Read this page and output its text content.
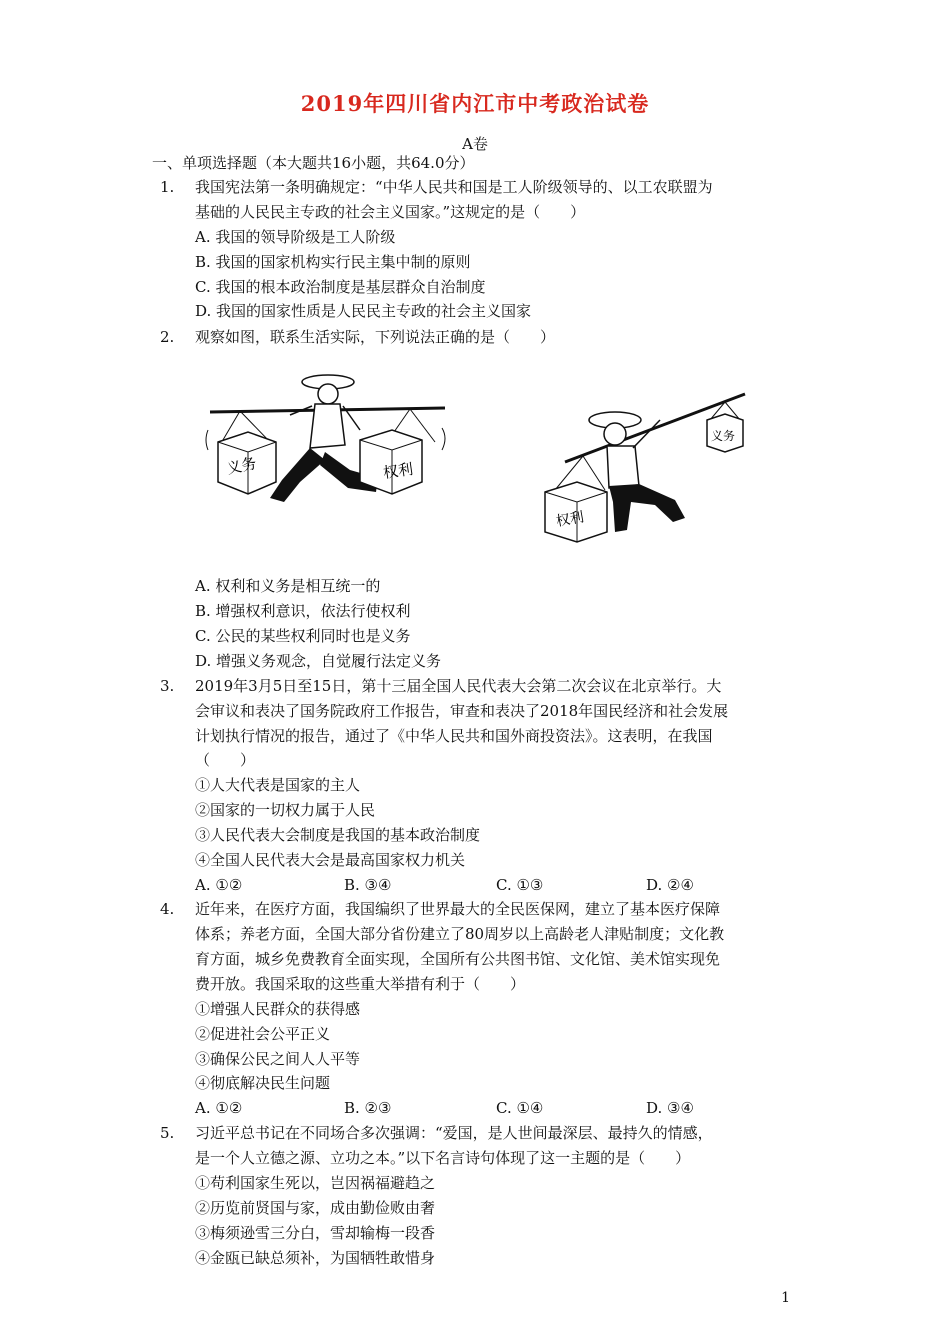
2019年四川省内江市中考政治试卷
A卷
一、单项选择题（本大题共16小题，共64.0分）
1. 我国宪法第一条明确规定：“中华人民共和国是工人阶级领导的、以工农联盟为
基础的人民民主专政的社会主义国家。”这规定的是（　　）
A. 我国的领导阶级是工人阶级
B. 我国的国家机构实行民主集中制的原则
C. 我国的根本政治制度是基层群众自治制度
D. 我国的国家性质是人民民主专政的社会主义国家
2. 观察如图，联系生活实际，下列说法正确的是（　　）
义务	权利
权利
义务
A. 权利和义务是相互统一的
B. 增强权利意识，依法行使权利
C. 公民的某些权利同时也是义务
D. 增强义务观念，自觉履行法定义务
3. 2019年3月5日至15日，第十三届全国人民代表大会第二次会议在北京举行。大
会审议和表决了国务院政府工作报告，审查和表决了2018年国民经济和社会发展
计划执行情况的报告，通过了《中华人民共和国外商投资法》。这表明，在我国
（　　）
①人大代表是国家的主人
②国家的一切权力属于人民
③人民代表大会制度是我国的基本政治制度
④全国人民代表大会是最高国家权力机关
A. ①②	B. ③④	C. ①③	D. ②④
4. 近年来，在医疗方面，我国编织了世界最大的全民医保网，建立了基本医疗保障
体系；养老方面，全国大部分省份建立了80周岁以上高龄老人津贴制度；文化教
育方面，城乡免费教育全面实现，全国所有公共图书馆、文化馆、美术馆实现免
费开放。我国采取的这些重大举措有利于（　　）
①增强人民群众的获得感
②促进社会公平正义
③确保公民之间人人平等
④彻底解决民生问题
A. ①②	B. ②③	C. ①④	D. ③④
5. 习近平总书记在不同场合多次强调：“爱国，是人世间最深层、最持久的情感，
是一个人立德之源、立功之本。”以下名言诗句体现了这一主题的是（　　）
①苟利国家生死以，岂因祸福避趋之
②历览前贤国与家，成由勤俭败由奢
③梅须逊雪三分白，雪却输梅一段香
④金瓯已缺总须补，为国牺牲敢惜身
1
